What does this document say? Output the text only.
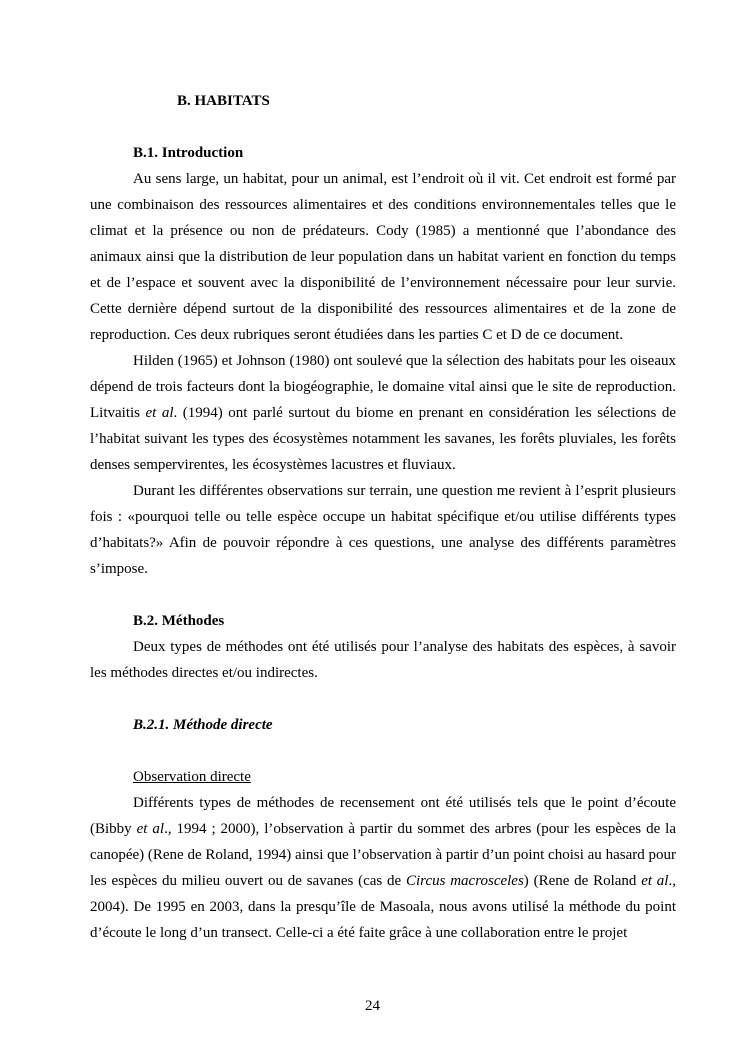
B. HABITATS
B.1. Introduction

Au sens large, un habitat, pour un animal, est l’endroit où il vit. Cet endroit est formé par une combinaison des ressources alimentaires et des conditions environnementales telles que le climat et la présence ou non de prédateurs. Cody (1985) a mentionné que l’abondance des animaux ainsi que la distribution de leur population dans un habitat varient en fonction du temps et de l’espace et souvent avec la disponibilité de l’environnement nécessaire pour leur survie. Cette dernière dépend surtout de la disponibilité des ressources alimentaires et de la zone de reproduction. Ces deux rubriques seront étudiées dans les parties C et D de ce document.

Hilden (1965) et Johnson (1980) ont soulevé que la sélection des habitats pour les oiseaux dépend de trois facteurs dont la biogéographie, le domaine vital ainsi que le site de reproduction. Litvaitis et al. (1994) ont parlé surtout du biome en prenant en considération les sélections de l’habitat suivant les types des écosystèmes notamment les savanes, les forêts pluviales, les forêts denses sempervirentes, les écosystèmes lacustres et fluviaux.

Durant les différentes observations sur terrain, une question me revient à l’esprit plusieurs fois : «pourquoi telle ou telle espèce occupe un habitat spécifique et/ou utilise différents types d’habitats?» Afin de pouvoir répondre à ces questions, une analyse des différents paramètres s’impose.

B.2. Méthodes

Deux types de méthodes ont été utilisés pour l’analyse des habitats des espèces, à savoir les méthodes directes et/ou indirectes.

B.2.1. Méthode directe

Observation directe

Différents types de méthodes de recensement ont été utilisés tels que le point d’écoute (Bibby et al., 1994 ; 2000), l’observation à partir du sommet des arbres (pour les espèces de la canopée) (Rene de Roland, 1994) ainsi que l’observation à partir d’un point choisi au hasard pour les espèces du milieu ouvert ou de savanes (cas de Circus macrosceles) (Rene de Roland et al., 2004). De 1995 en 2003, dans la presqu’île de Masoala, nous avons utilisé la méthode du point d’écoute le long d’un transect. Celle-ci a été faite grâce à une collaboration entre le projet

24
